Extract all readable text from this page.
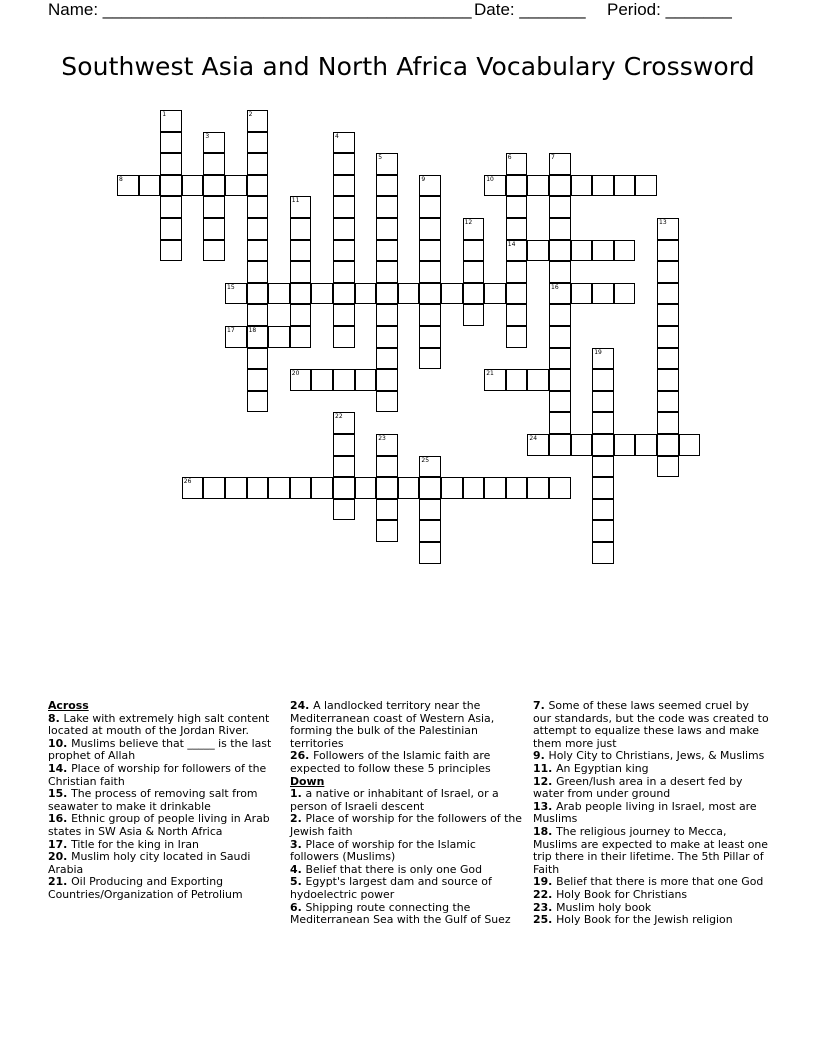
Name: _______________________________________ Date: _______ Period: _______
Southwest Asia and North Africa Vocabulary Crossword
1	2
3	4
5	6
14
7
16
8	9	10
11
12	13
15
17 18
19
20	21
22
23	24
25
26
Across
8. Lake with extremely high salt content located at mouth of the Jordan River.
10. Muslims believe that _____ is the last prophet of Allah
14. Place of worship for followers of the Christian faith
15. The process of removing salt from seawater to make it drinkable
16. Ethnic group of people living in Arab states in SW Asia & North Africa
17. Title for the king in Iran
20. Muslim holy city located in Saudi Arabia
21. Oil Producing and Exporting Countries/Organization of Petrolium
24. A landlocked territory near the Mediterranean coast of Western Asia, forming the bulk of the Palestinian territories
26. Followers of the Islamic faith are expected to follow these 5 principles
Down
1. a native or inhabitant of Israel, or a person of Israeli descent
2. Place of worship for the followers of the Jewish faith
3. Place of worship for the Islamic followers (Muslims)
4. Belief that there is only one God
5. Egypt's largest dam and source of hydoelectric power
6. Shipping route connecting the Mediterranean Sea with the Gulf of Suez
7. Some of these laws seemed cruel by our standards, but the code was created to attempt to equalize these laws and make them more just
9. Holy City to Christians, Jews, & Muslims
11. An Egyptian king
12. Green/lush area in a desert fed by water from under ground
13. Arab people living in Israel, most are Muslims
18. The religious journey to Mecca, Muslims are expected to make at least one trip there in their lifetime. The 5th Pillar of Faith
19. Belief that there is more that one God
22. Holy Book for Christians
23. Muslim holy book
25. Holy Book for the Jewish religion
